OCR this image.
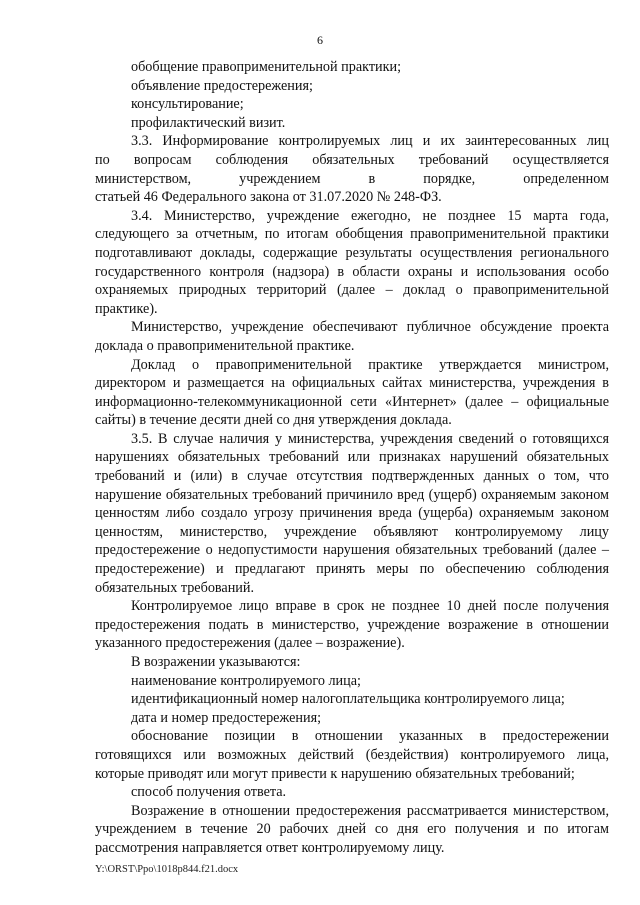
6

обобщение правоприменительной практики;

объявление предостережения;

консультирование;

профилактический визит.

3.3. Информирование контролируемых лиц и их заинтересованных лиц

по вопросам соблюдения обязательных требований осуществляется

министерством, учреждением в порядке, определенном

статьей 46 Федерального закона от 31.07.2020 № 248-ФЗ.

3.4. Министерство, учреждение ежегодно, не позднее 15 марта года, следующего за отчетным, по итогам обобщения правоприменительной практики подготавливают доклады, содержащие результаты осуществления регионального государственного контроля (надзора) в области охраны и использования особо охраняемых природных территорий (далее – доклад о правоприменительной практике).

Министерство, учреждение обеспечивают публичное обсуждение проекта доклада о правоприменительной практике.

Доклад о правоприменительной практике утверждается министром, директором и размещается на официальных сайтах министерства, учреждения в информационно-телекоммуникационной сети «Интернет» (далее – официальные сайты) в течение десяти дней со дня утверждения доклада.

3.5. В случае наличия у министерства, учреждения сведений о готовящихся нарушениях обязательных требований или признаках нарушений обязательных требований и (или) в случае отсутствия подтвержденных данных о том, что нарушение обязательных требований причинило вред (ущерб) охраняемым законом ценностям либо создало угрозу причинения вреда (ущерба) охраняемым законом ценностям, министерство, учреждение объявляют контролируемому лицу предостережение о недопустимости нарушения обязательных требований (далее – предостережение) и предлагают принять меры по обеспечению соблюдения обязательных требований.

Контролируемое лицо вправе в срок не позднее 10 дней после получения предостережения подать в министерство, учреждение возражение в отношении указанного предостережения (далее – возражение).

В возражении указываются:

наименование контролируемого лица;

идентификационный номер налогоплательщика контролируемого лица;

дата и номер предостережения;

обоснование позиции в отношении указанных в предостережении готовящихся или возможных действий (бездействия) контролируемого лица, которые приводят или могут привести к нарушению обязательных требований;

способ получения ответа.

Возражение в отношении предостережения рассматривается министерством, учреждением в течение 20 рабочих дней со дня его получения и по итогам рассмотрения направляется ответ контролируемому лицу.

Y:\ORST\Ppo\1018p844.f21.docx
